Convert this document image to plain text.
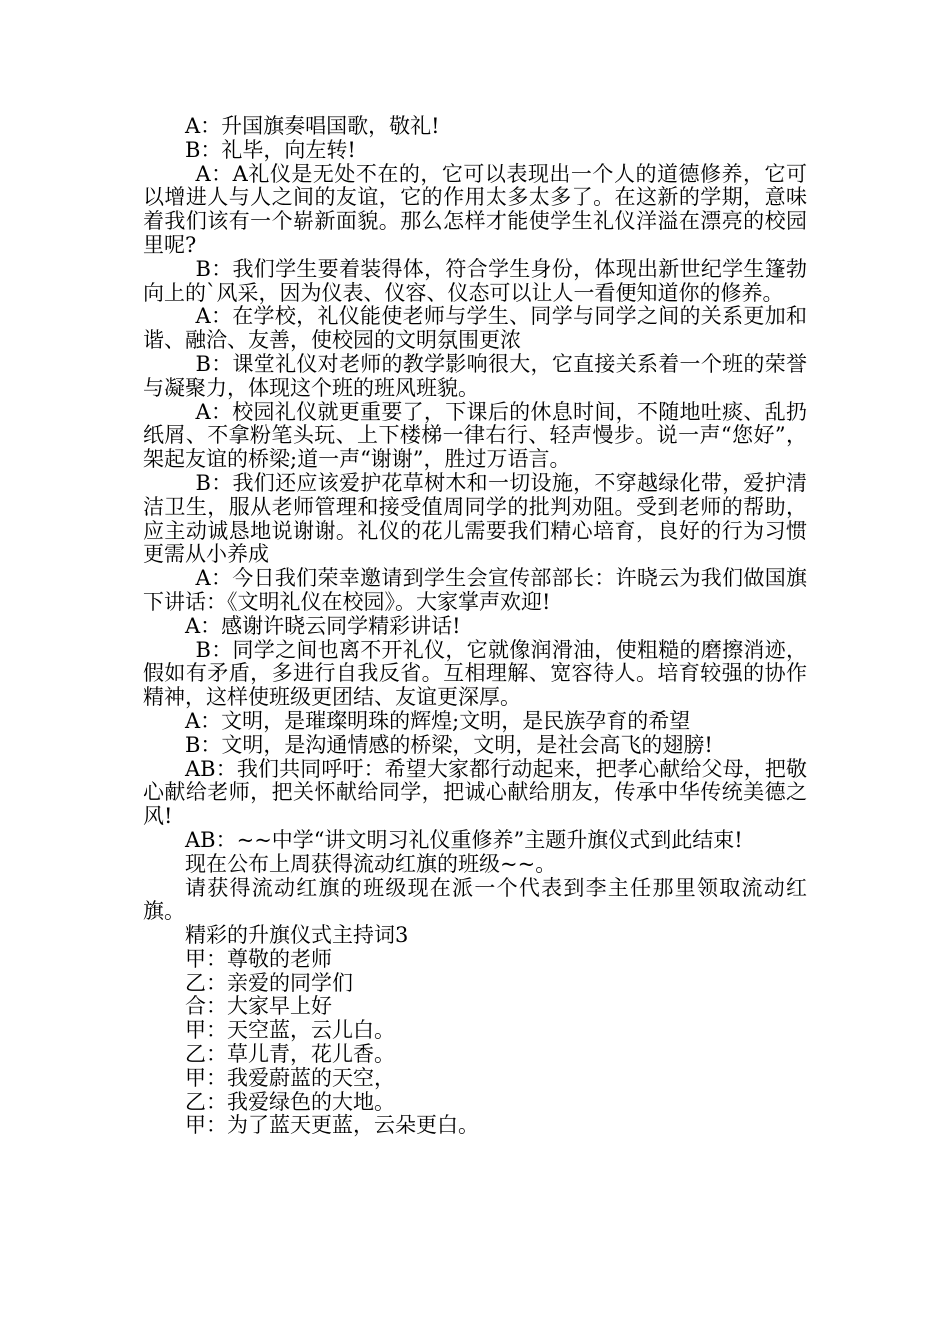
A：升国旗奏唱国歌，敬礼!

B：礼毕，向左转!

A：A礼仪是无处不在的，它可以表现出一个人的道德修养，它可以增进人与人之间的友谊，它的作用太多太多了。在这新的学期，意味着我们该有一个崭新面貌。那么怎样才能使学生礼仪洋溢在漂亮的校园里呢?

B：我们学生要着装得体，符合学生身份，体现出新世纪学生篷勃向上的`风采，因为仪表、仪容、仪态可以让人一看便知道你的修养。

A：在学校，礼仪能使老师与学生、同学与同学之间的关系更加和谐、融洽、友善，使校园的文明氛围更浓

B：课堂礼仪对老师的教学影响很大，它直接关系着一个班的荣誉与凝聚力，体现这个班的班风班貌。

A：校园礼仪就更重要了，下课后的休息时间，不随地吐痰、乱扔纸屑、不拿粉笔头玩、上下楼梯一律右行、轻声慢步。说一声“您好”，架起友谊的桥梁;道一声“谢谢”，胜过万语言。

B：我们还应该爱护花草树木和一切设施，不穿越绿化带，爱护清洁卫生，服从老师管理和接受值周同学的批判劝阻。受到老师的帮助，应主动诚恳地说谢谢。礼仪的花儿需要我们精心培育，良好的行为习惯更需从小养成

A：今日我们荣幸邀请到学生会宣传部部长：许晓云为我们做国旗下讲话：《文明礼仪在校园》。大家掌声欢迎!

A：感谢许晓云同学精彩讲话!

B：同学之间也离不开礼仪，它就像润滑油，使粗糙的磨擦消迹，假如有矛盾，多进行自我反省。互相理解、宽容待人。培育较强的协作精神，这样使班级更团结、友谊更深厚。

A：文明，是璀璨明珠的辉煌;文明，是民族孕育的希望

B：文明，是沟通情感的桥梁，文明，是社会高飞的翅膀!

AB：我们共同呼吁：希望大家都行动起来，把孝心献给父母，把敬心献给老师，把关怀献给同学，把诚心献给朋友，传承中华传统美德之风!

AB：~~中学“讲文明习礼仪重修养”主题升旗仪式到此结束!

现在公布上周获得流动红旗的班级~~。

请获得流动红旗的班级现在派一个代表到李主任那里领取流动红旗。

精彩的升旗仪式主持词3

甲：尊敬的老师

乙：亲爱的同学们

合：大家早上好

甲：天空蓝，云儿白。

乙：草儿青，花儿香。

甲：我爱蔚蓝的天空，

乙：我爱绿色的大地。

甲：为了蓝天更蓝，云朵更白。
